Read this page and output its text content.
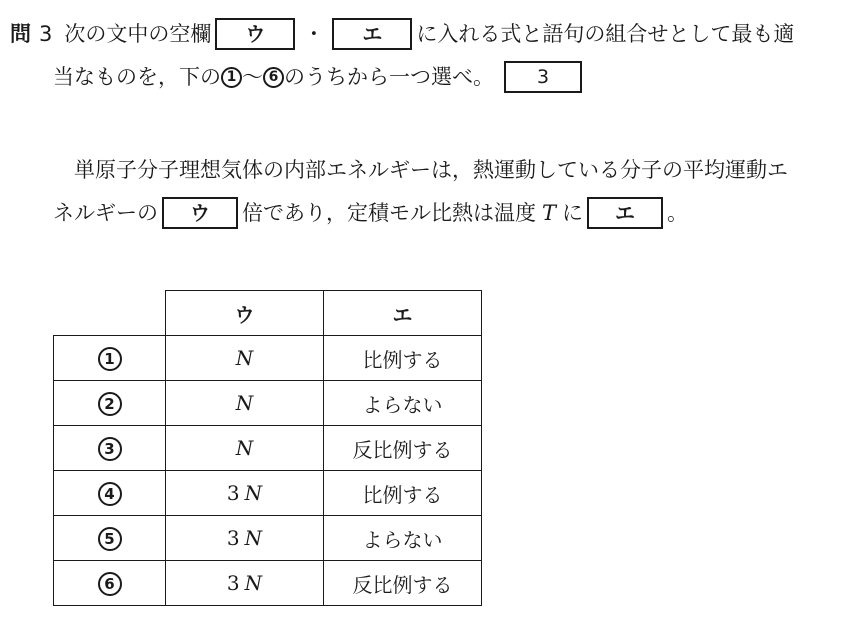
問 3 次の文中の空欄	ウ	・	エ	に入れる式と語句の組合せとして最も適
当なものを，下の 1 〜 6 のうちから一つ選べ。	3
単原子分子理想気体の内部エネルギーは，熱運動している分子の平均運動エ
ネルギーの	ウ	倍であり，定積モル比熱は温度 T に	エ	。
	ウ	エ
1	N	比例する
2	N	よらない
3	N	反比例する
4	3 N	比例する
5	3 N	よらない
6	3 N	反比例する
